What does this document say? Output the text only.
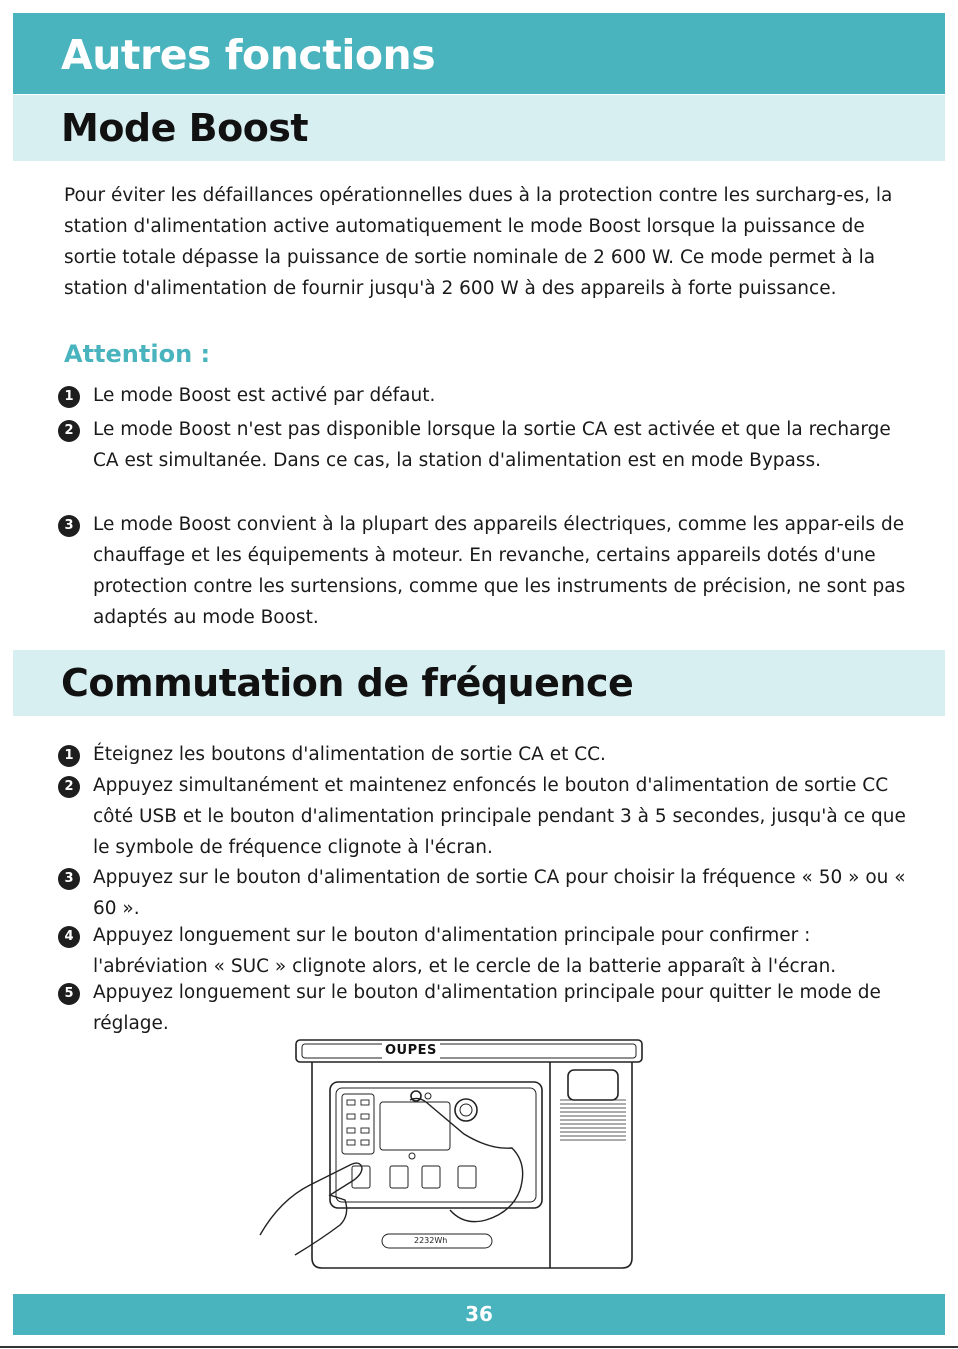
Autres fonctions
Mode Boost

Pour éviter les défaillances opérationnelles dues à la protection contre les surcharg-es, la station d'alimentation active automatiquement le mode Boost lorsque la puissance de sortie totale dépasse la puissance de sortie nominale de 2 600 W. Ce mode permet à la station d'alimentation de fournir jusqu'à 2 600 W à des appareils à forte puissance.

Attention :
1	Le mode Boost est activé par défaut.
2	Le mode Boost n'est pas disponible lorsque la sortie CA est activée et que la recharge CA est simultanée. Dans ce cas, la station d'alimentation est en mode Bypass.
3	Le mode Boost convient à la plupart des appareils électriques, comme les appar-eils de chauffage et les équipements à moteur. En revanche, certains appareils dotés d'une protection contre les surtensions, comme que les instruments de précision, ne sont pas adaptés au mode Boost.
Commutation de fréquence
1	Éteignez les boutons d'alimentation de sortie CA et CC.
2	Appuyez simultanément et maintenez enfoncés le bouton d'alimentation de sortie CC côté USB et le bouton d'alimentation principale pendant 3 à 5 secondes, jusqu'à ce que le symbole de fréquence clignote à l'écran.
3	Appuyez sur le bouton d'alimentation de sortie CA pour choisir la fréquence « 50 » ou « 60 ».
4	Appuyez longuement sur le bouton d'alimentation principale pour confirmer : l'abréviation « SUC » clignote alors, et le cercle de la batterie apparaît à l'écran.
5	Appuyez longuement sur le bouton d'alimentation principale pour quitter le mode de réglage.
OUPES
2232Wh
36
